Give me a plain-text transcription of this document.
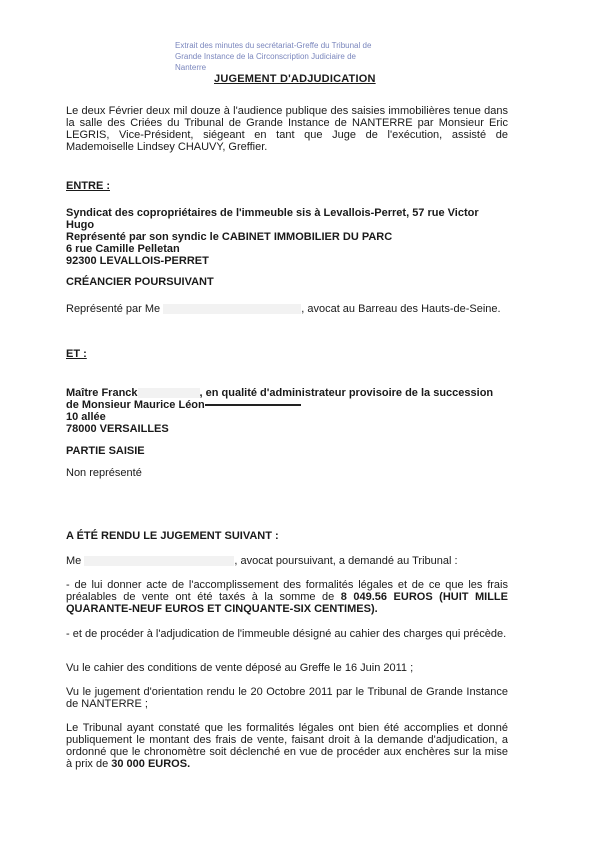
Extrait des minutes du secrétariat-Greffe du Tribunal de
Grande Instance de la Circonscription Judiciaire de
Nanterre
JUGEMENT D'ADJUDICATION
Le deux Février deux mil douze à l'audience publique des saisies immobilières tenue dans la salle des Criées du Tribunal de Grande Instance de NANTERRE par Monsieur Eric LEGRIS, Vice-Président, siégeant en tant que Juge de l'exécution, assisté de Mademoiselle Lindsey CHAUVY, Greffier.
ENTRE :
Syndicat des copropriétaires de l'immeuble sis à Levallois-Perret, 57 rue Victor Hugo
Représenté par son syndic le CABINET IMMOBILIER DU PARC
6 rue Camille Pelletan
92300 LEVALLOIS-PERRET
CRÉANCIER POURSUIVANT
Représenté par Me	, avocat au Barreau des Hauts-de-Seine.
ET :
Maître Franck	, en qualité d'administrateur provisoire de la succession
de Monsieur Maurice Léon
10 allée
78000 VERSAILLES
PARTIE SAISIE
Non représenté
A ÉTÉ RENDU LE JUGEMENT SUIVANT :
Me	, avocat poursuivant, a demandé au Tribunal :
- de lui donner acte de l'accomplissement des formalités légales et de ce que les frais préalables de vente ont été taxés à la somme de 8 049.56 EUROS (HUIT MILLE QUARANTE-NEUF EUROS ET CINQUANTE-SIX CENTIMES).
- et de procéder à l'adjudication de l'immeuble désigné au cahier des charges qui précède.
Vu le cahier des conditions de vente déposé au Greffe le 16 Juin 2011 ;
Vu le jugement d'orientation rendu le 20 Octobre 2011 par le Tribunal de Grande Instance de NANTERRE ;
Le Tribunal ayant constaté que les formalités légales ont bien été accomplies et donné publiquement le montant des frais de vente, faisant droit à la demande d'adjudication, a ordonné que le chronomètre soit déclenché en vue de procéder aux enchères sur la mise à prix de 30 000 EUROS.
